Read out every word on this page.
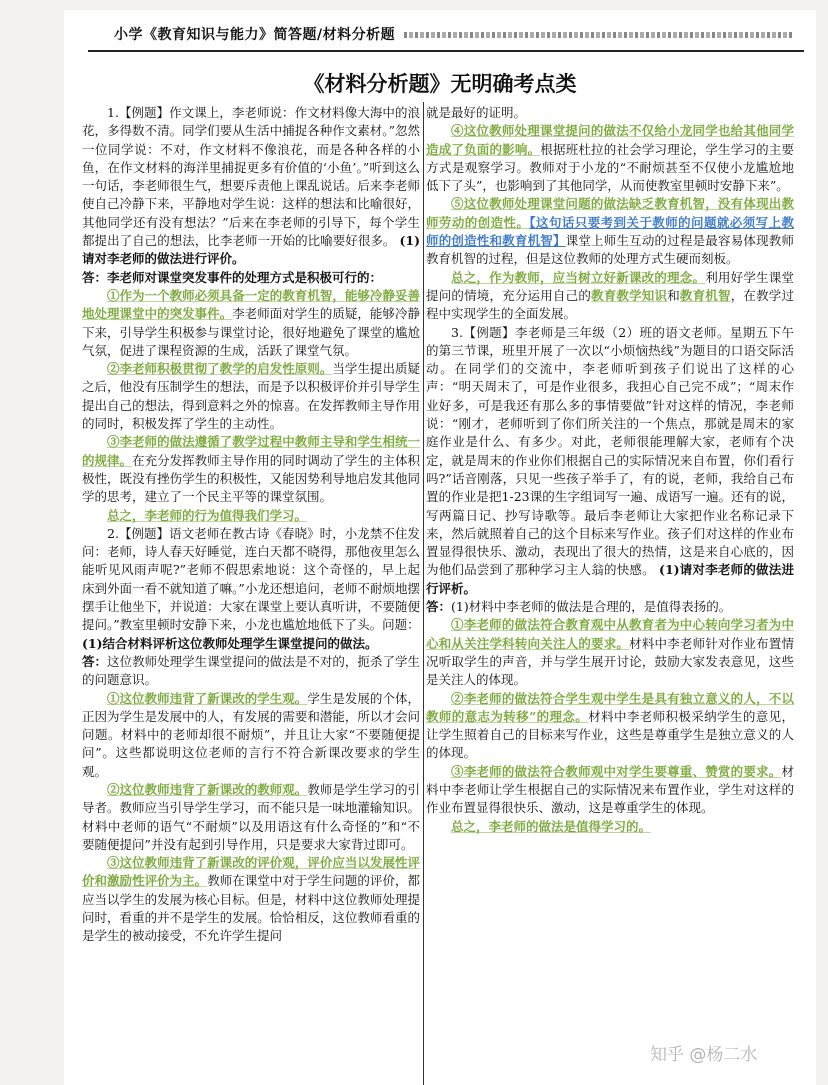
小学《教育知识与能力》简答题/材料分析题
《材料分析题》无明确考点类

1.【例题】作文课上，李老师说：作文材料像大海中的浪花，多得数不清。同学们要从生活中捕捉各种作文素材。”忽然一位同学说：不对，作文材料不像浪花，而是各种各样的小鱼，在作文材料的海洋里捕捉更多有价值的‘小鱼’。”听到这么一句话，李老师很生气，想要斥责他上课乱说话。后来李老师使自己冷静下来，平静地对学生说：这样的想法和比喻很好，其他同学还有没有想法？”后来在李老师的引导下，每个学生都提出了自己的想法，比李老师一开始的比喻要好很多。 (1)请对李老师的做法进行评价。

答：李老师对课堂突发事件的处理方式是积极可行的：

①作为一个教师必须具备一定的教育机智，能够冷静妥善地处理课堂中的突发事件。李老师面对学生的质疑，能够冷静下来，引导学生积极参与课堂讨论，很好地避免了课堂的尴尬气氛，促进了课程资源的生成，活跃了课堂气氛。

②李老师积极贯彻了教学的启发性原则。当学生提出质疑之后，他没有压制学生的想法，而是予以积极评价并引导学生提出自己的想法，得到意料之外的惊喜。在发挥教师主导作用的同时，积极发挥了学生的主动性。

③李老师的做法遵循了教学过程中教师主导和学生相统一的规律。在充分发挥教师主导作用的同时调动了学生的主体积极性，既没有挫伤学生的积极性，又能因势利导地启发其他同学的思考，建立了一个民主平等的课堂氛围。

总之，李老师的行为值得我们学习。

2.【例题】语文老师在教古诗《春晓》时，小龙禁不住发问：老师，诗人春天好睡觉，连白天都不晓得，那他夜里怎么能听见风雨声呢?”老师不假思索地说：这个奇怪的，早上起床到外面一看不就知道了嘛。”小龙还想追问，老师不耐烦地摆摆手让他坐下，并说道：大家在课堂上要认真听讲，不要随便提问。”教室里顿时安静下来，小龙也尴尬地低下了头。问题：

(1)结合材料评析这位教师处理学生课堂提问的做法。

答：这位教师处理学生课堂提问的做法是不对的，扼杀了学生的问题意识。

①这位教师违背了新课改的学生观。学生是发展的个体，正因为学生是发展中的人，有发展的需要和潜能，所以才会问问题。材料中的老师却很不耐烦”，并且让大家“不要随便提问”。这些都说明这位老师的言行不符合新课改要求的学生观。

②这位教师违背了新课改的教师观。教师是学生学习的引导者。教师应当引导学生学习，而不能只是一味地灌输知识。材料中老师的语气“不耐烦”以及用语这有什么奇怪的”和“不要随便提问”并没有起到引导作用，只是要求大家背过即可。

③这位教师违背了新课改的评价观，评价应当以发展性评价和激励性评价为主。教师在课堂中对于学生问题的评价，都应当以学生的发展为核心目标。但是，材料中这位教师处理提问时，看重的并不是学生的发展。恰恰相反，这位教师看重的是学生的被动接受，不允许学生提问

就是最好的证明。

④这位教师处理课堂提问的做法不仅给小龙同学也给其他同学造成了负面的影响。根据班杜拉的社会学习理论，学生学习的主要方式是观察学习。教师对于小龙的“不耐烦甚至不仅使小龙尴尬地低下了头”，也影响到了其他同学，从而使教室里顿时安静下来”。

⑤这位教师处理课堂问题的做法缺乏教育机智，没有体现出教师劳动的创造性。【这句话只要考到关于教师的问题就必须写上教师的创造性和教育机智】课堂上师生互动的过程是最容易体现教师教育机智的过程，但是这位教师的处理方式生硬而刻板。

总之，作为教师，应当树立好新课改的理念。利用好学生课堂提问的情境，充分运用自己的教育教学知识和教育机智，在教学过程中实现学生的全面发展。

3.【例题】李老师是三年级（2）班的语文老师。星期五下午的第三节课，班里开展了一次以“小烦恼热线”为题目的口语交际活动。在同学们的交流中，李老师听到孩子们说出了这样的心声：“明天周末了，可是作业很多，我担心自己完不成”；“周末作业好多，可是我还有那么多的事情要做”针对这样的情况，李老师说：“刚才，老师听到了你们所关注的一个焦点，那就是周末的家庭作业是什么、有多少。对此，老师很能理解大家，老师有个决定，就是周末的作业你们根据自己的实际情况来自布置，你们看行吗?”话音刚落，只见一些孩子举手了，有的说，老师，我给自己布置的作业是把1-23课的生字组词写一遍、成语写一遍。还有的说，写两篇日记、抄写诗歌等。最后李老师让大家把作业名称记录下来，然后就照着自己的这个目标来写作业。孩子们对这样的作业布置显得很快乐、激动，表现出了很大的热情，这是来自心底的，因为他们品尝到了那种学习主人翁的快感。 (1)请对李老师的做法进行评析。

答：(1)材料中李老师的做法是合理的，是值得表扬的。

①李老师的做法符合教育观中从教育者为中心转向学习者为中心和从关注学科转向关注人的要求。材料中李老师针对作业布置情况听取学生的声音，并与学生展开讨论，鼓励大家发表意见，这些是关注人的体现。

②李老师的做法符合学生观中学生是具有独立意义的人，不以教师的意志为转移”的理念。材料中李老师积极采纳学生的意见，让学生照着自己的目标来写作业，这些是尊重学生是独立意义的人的体现。

③李老师的做法符合教师观中对学生要尊重、赞赏的要求。材料中李老师让学生根据自己的实际情况来布置作业，学生对这样的作业布置显得很快乐、激动，这是尊重学生的体现。

总之，李老师的做法是值得学习的。

知乎 @杨二水
